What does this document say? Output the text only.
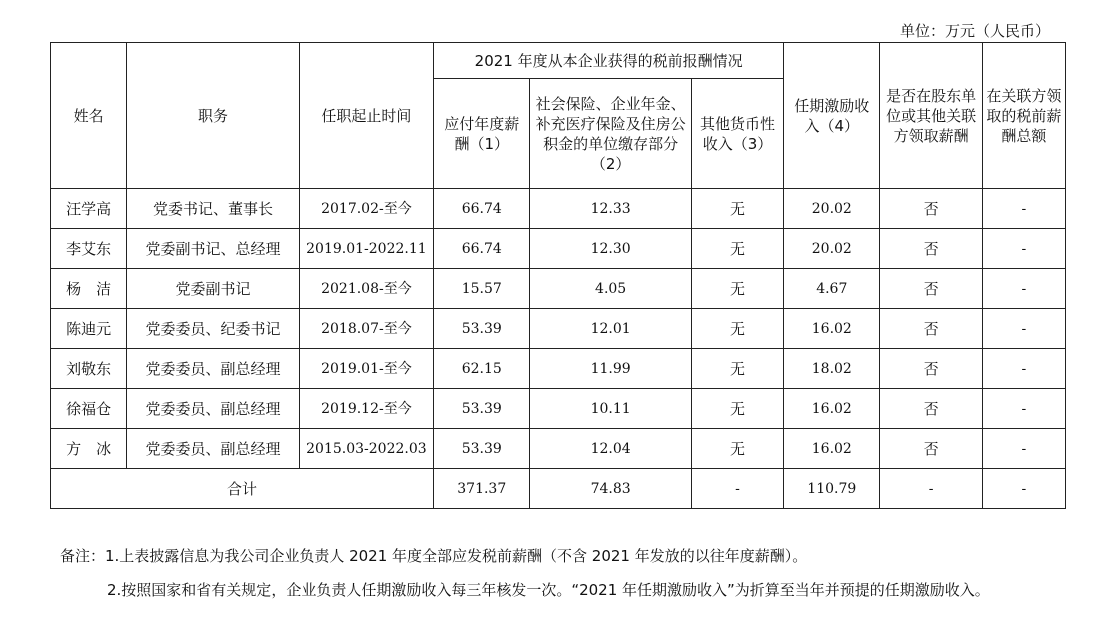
单位：万元（人民币）
姓名	职务	任职起止时间	2021 年度从本企业获得的税前报酬情况			任期激励收入（4）	是否在股东单位或其他关联方领取薪酬	在关联方领取的税前薪酬总额
			应付年度薪酬（1）	社会保险、企业年金、补充医疗保险及住房公积金的单位缴存部分（2）	其他货币性收入（3）			
汪学高	党委书记、董事长	2017.02-至今	66.74	12.33	无	20.02	否	-
李艾东	党委副书记、总经理	2019.01-2022.11	66.74	12.30	无	20.02	否	-
杨　洁	党委副书记	2021.08-至今	15.57	4.05	无	4.67	否	-
陈迪元	党委委员、纪委书记	2018.07-至今	53.39	12.01	无	16.02	否	-
刘敬东	党委委员、副总经理	2019.01-至今	62.15	11.99	无	18.02	否	-
徐福仓	党委委员、副总经理	2019.12-至今	53.39	10.11	无	16.02	否	-
方　冰	党委委员、副总经理	2015.03-2022.03	53.39	12.04	无	16.02	否	-
合计			371.37	74.83	-	110.79	-	-
备注：1.上表披露信息为我公司企业负责人 2021 年度全部应发税前薪酬（不含 2021 年发放的以往年度薪酬）。
2.按照国家和省有关规定，企业负责人任期激励收入每三年核发一次。“2021 年任期激励收入”为折算至当年并预提的任期激励收入。
